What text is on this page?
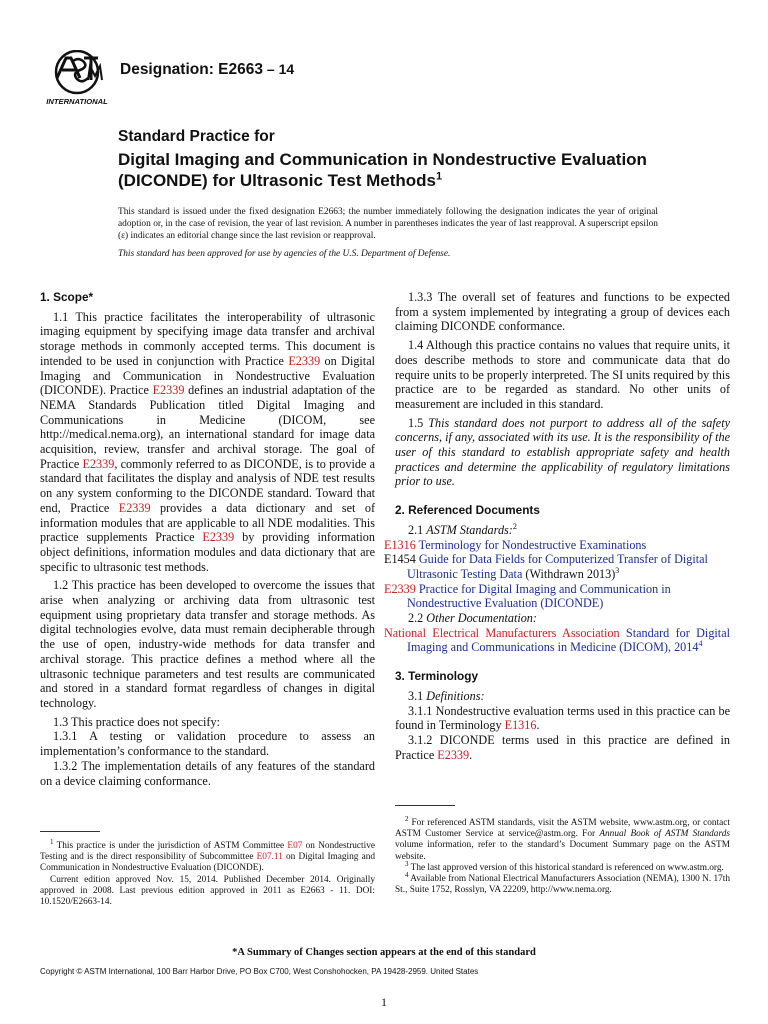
INTERNATIONAL
Designation: E2663 – 14
Standard Practice for
Digital Imaging and Communication in Nondestructive Evaluation (DICONDE) for Ultrasonic Test Methods$^1$
This standard is issued under the fixed designation E2663; the number immediately following the designation indicates the year of original adoption or, in the case of revision, the year of last revision. A number in parentheses indicates the year of last reapproval. A superscript epsilon (ε) indicates an editorial change since the last revision or reapproval.
This standard has been approved for use by agencies of the U.S. Department of Defense.
1. Scope*

1.1 This practice facilitates the interoperability of ultrasonic imaging equipment by specifying image data transfer and archival storage methods in commonly accepted terms. This document is intended to be used in conjunction with Practice E2339 on Digital Imaging and Communication in Nondestructive Evaluation (DICONDE). Practice E2339 defines an industrial adaptation of the NEMA Standards Publication titled Digital Imaging and Communications in Medicine (DICOM, see http://medical.nema.org), an international standard for image data acquisition, review, transfer and archival storage. The goal of Practice E2339, commonly referred to as DICONDE, is to provide a standard that facilitates the display and analysis of NDE test results on any system conforming to the DICONDE standard. Toward that end, Practice E2339 provides a data dictionary and set of information modules that are applicable to all NDE modalities. This practice supplements Practice E2339 by providing information object definitions, information modules and data dictionary that are specific to ultrasonic test methods.

1.2 This practice has been developed to overcome the issues that arise when analyzing or archiving data from ultrasonic test equipment using proprietary data transfer and storage methods. As digital technologies evolve, data must remain decipherable through the use of open, industry-wide methods for data transfer and archival storage. This practice defines a method where all the ultrasonic technique parameters and test results are communicated and stored in a standard format regardless of changes in digital technology.

1.3 This practice does not specify:

1.3.1 A testing or validation procedure to assess an implementation’s conformance to the standard.

1.3.2 The implementation details of any features of the standard on a device claiming conformance.

1.3.3 The overall set of features and functions to be expected from a system implemented by integrating a group of devices each claiming DICONDE conformance.

1.4 Although this practice contains no values that require units, it does describe methods to store and communicate data that do require units to be properly interpreted. The SI units required by this practice are to be regarded as standard. No other units of measurement are included in this standard.

1.5 This standard does not purport to address all of the safety concerns, if any, associated with its use. It is the responsibility of the user of this standard to establish appropriate safety and health practices and determine the applicability of regulatory limitations prior to use.

2. Referenced Documents

2.1 ASTM Standards:$^2$

E1316 Terminology for Nondestructive Examinations

E1454 Guide for Data Fields for Computerized Transfer of Digital Ultrasonic Testing Data (Withdrawn 2013)$^3$

E2339 Practice for Digital Imaging and Communication in Nondestructive Evaluation (DICONDE)

2.2 Other Documentation:

National Electrical Manufacturers Association Standard for Digital Imaging and Communications in Medicine (DICOM), 2014$^4$

3. Terminology

3.1 Definitions:

3.1.1 Nondestructive evaluation terms used in this practice can be found in Terminology E1316.

3.1.2 DICONDE terms used in this practice are defined in Practice E2339.

$^1$ This practice is under the jurisdiction of ASTM Committee E07 on Nondestructive Testing and is the direct responsibility of Subcommittee E07.11 on Digital Imaging and Communication in Nondestructive Evaluation (DICONDE).

Current edition approved Nov. 15, 2014. Published December 2014. Originally approved in 2008. Last previous edition approved in 2011 as E2663 - 11. DOI: 10.1520/E2663-14.

$^2$ For referenced ASTM standards, visit the ASTM website, www.astm.org, or contact ASTM Customer Service at service@astm.org. For Annual Book of ASTM Standards volume information, refer to the standard’s Document Summary page on the ASTM website.

$^3$ The last approved version of this historical standard is referenced on www.astm.org.

$^4$ Available from National Electrical Manufacturers Association (NEMA), 1300 N. 17th St., Suite 1752, Rosslyn, VA 22209, http://www.nema.org.

*A Summary of Changes section appears at the end of this standard
Copyright © ASTM International, 100 Barr Harbor Drive, PO Box C700, West Conshohocken, PA 19428-2959. United States
1
